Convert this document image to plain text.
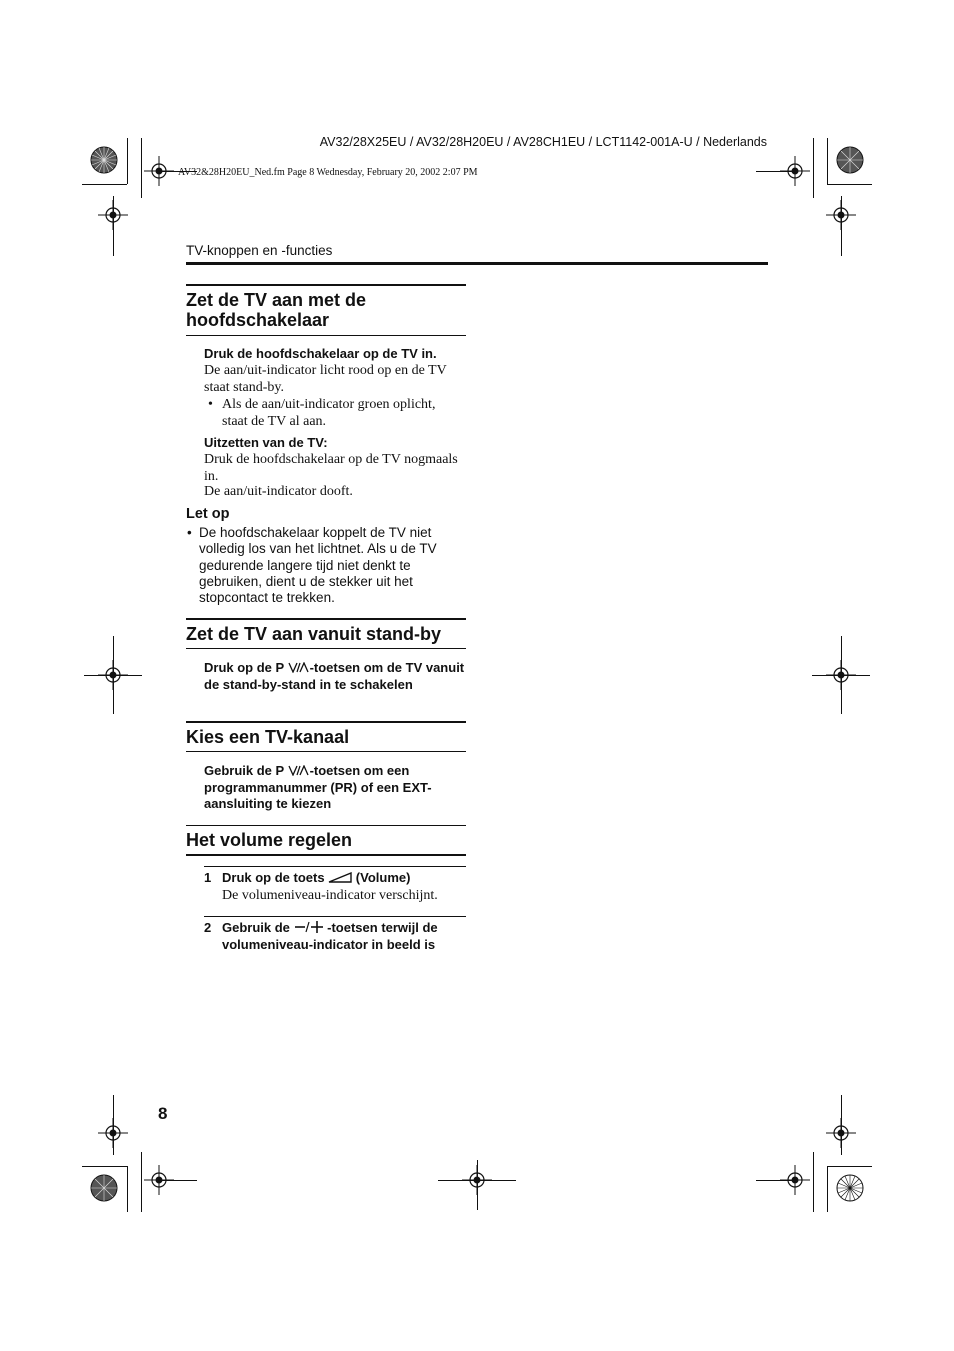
AV32/28X25EU / AV32/28H20EU / AV28CH1EU / LCT1142-001A-U / Nederlands
AV32&28H20EU_Ned.fm Page 8 Wednesday, February 20, 2002 2:07 PM
TV-knoppen en -functies
Zet de TV aan met de hoofdschakelaar
Druk de hoofdschakelaar op de TV in.
De aan/uit-indicator licht rood op en de TV staat stand-by.
• Als de aan/uit-indicator groen oplicht, staat de TV al aan.
Uitzetten van de TV:
Druk de hoofdschakelaar op de TV nogmaals in.
De aan/uit-indicator dooft.
Let op
• De hoofdschakelaar koppelt de TV niet volledig los van het lichtnet. Als u de TV gedurende langere tijd niet denkt te gebruiken, dient u de stekker uit het stopcontact te trekken.
Zet de TV aan vanuit stand-by
Druk op de P -toetsen om de TV vanuit de stand-by-stand in te schakelen
Kies een TV-kanaal
Gebruik de P -toetsen om een programmanummer (PR) of een EXT-aansluiting te kiezen
Het volume regelen
1 Druk op de toets  (Volume)
De volumeniveau-indicator verschijnt.
2 Gebruik de  -toetsen terwijl de volumeniveau-indicator in beeld is
8
